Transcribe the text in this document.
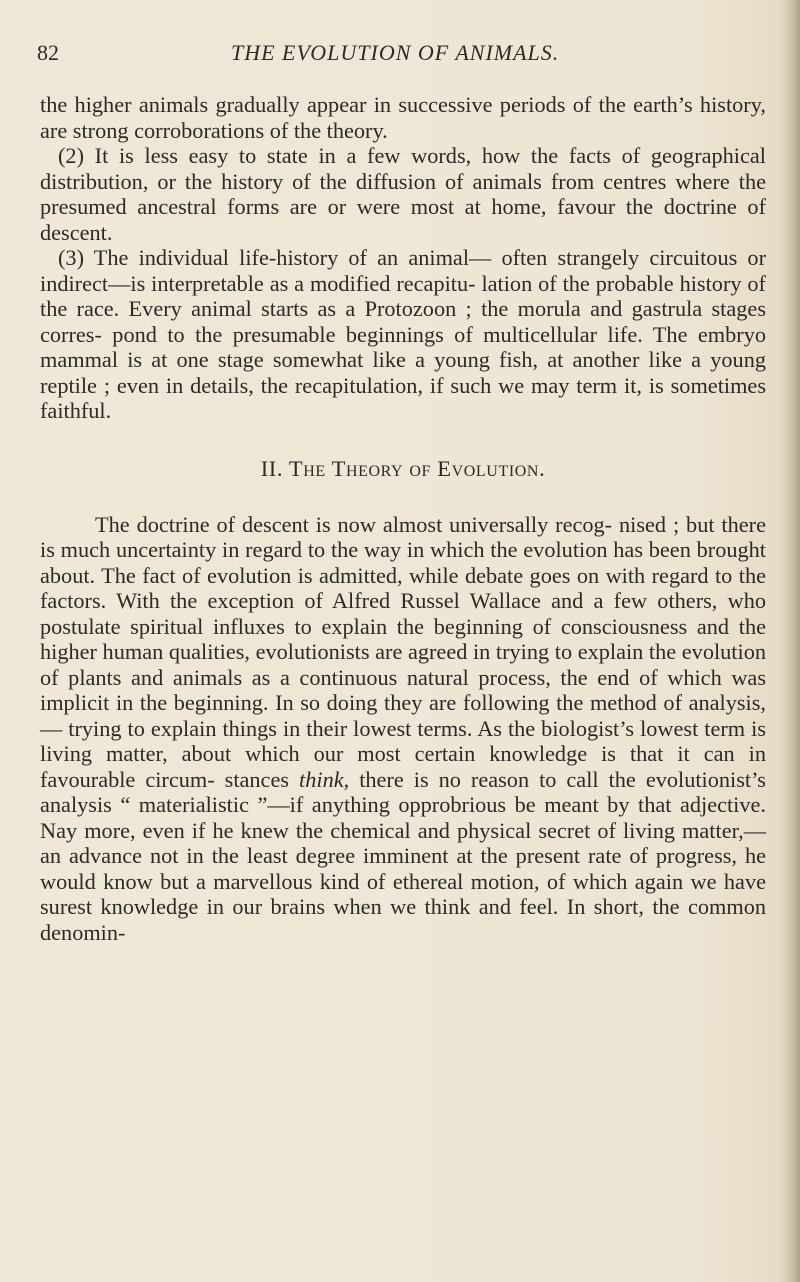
82	THE EVOLUTION OF ANIMALS.

the higher animals gradually appear in successive periods of the earth’s history, are strong corroborations of the theory.

(2) It is less easy to state in a few words, how the facts of geographical distribution, or the history of the diffusion of animals from centres where the presumed ancestral forms are or were most at home, favour the doctrine of descent.

(3) The individual life-history of an animal— often strangely circuitous or indirect—is interpretable as a modified recapitu- lation of the probable history of the race. Every animal starts as a Protozoon ; the morula and gastrula stages corres- pond to the presumable beginnings of multicellular life. The embryo mammal is at one stage somewhat like a young fish, at another like a young reptile ; even in details, the recapitulation, if such we may term it, is sometimes faithful.

II. The Theory of Evolution.

The doctrine of descent is now almost universally recog- nised ; but there is much uncertainty in regard to the way in which the evolution has been brought about. The fact of evolution is admitted, while debate goes on with regard to the factors. With the exception of Alfred Russel Wallace and a few others, who postulate spiritual influxes to explain the beginning of consciousness and the higher human qualities, evolutionists are agreed in trying to explain the evolution of plants and animals as a continuous natural process, the end of which was implicit in the beginning. In so doing they are following the method of analysis,— trying to explain things in their lowest terms. As the biologist’s lowest term is living matter, about which our most certain knowledge is that it can in favourable circum- stances think, there is no reason to call the evolutionist’s analysis “ materialistic ”—if anything opprobrious be meant by that adjective. Nay more, even if he knew the chemical and physical secret of living matter,—an advance not in the least degree imminent at the present rate of progress, he would know but a marvellous kind of ethereal motion, of which again we have surest knowledge in our brains when we think and feel. In short, the common denomin-
